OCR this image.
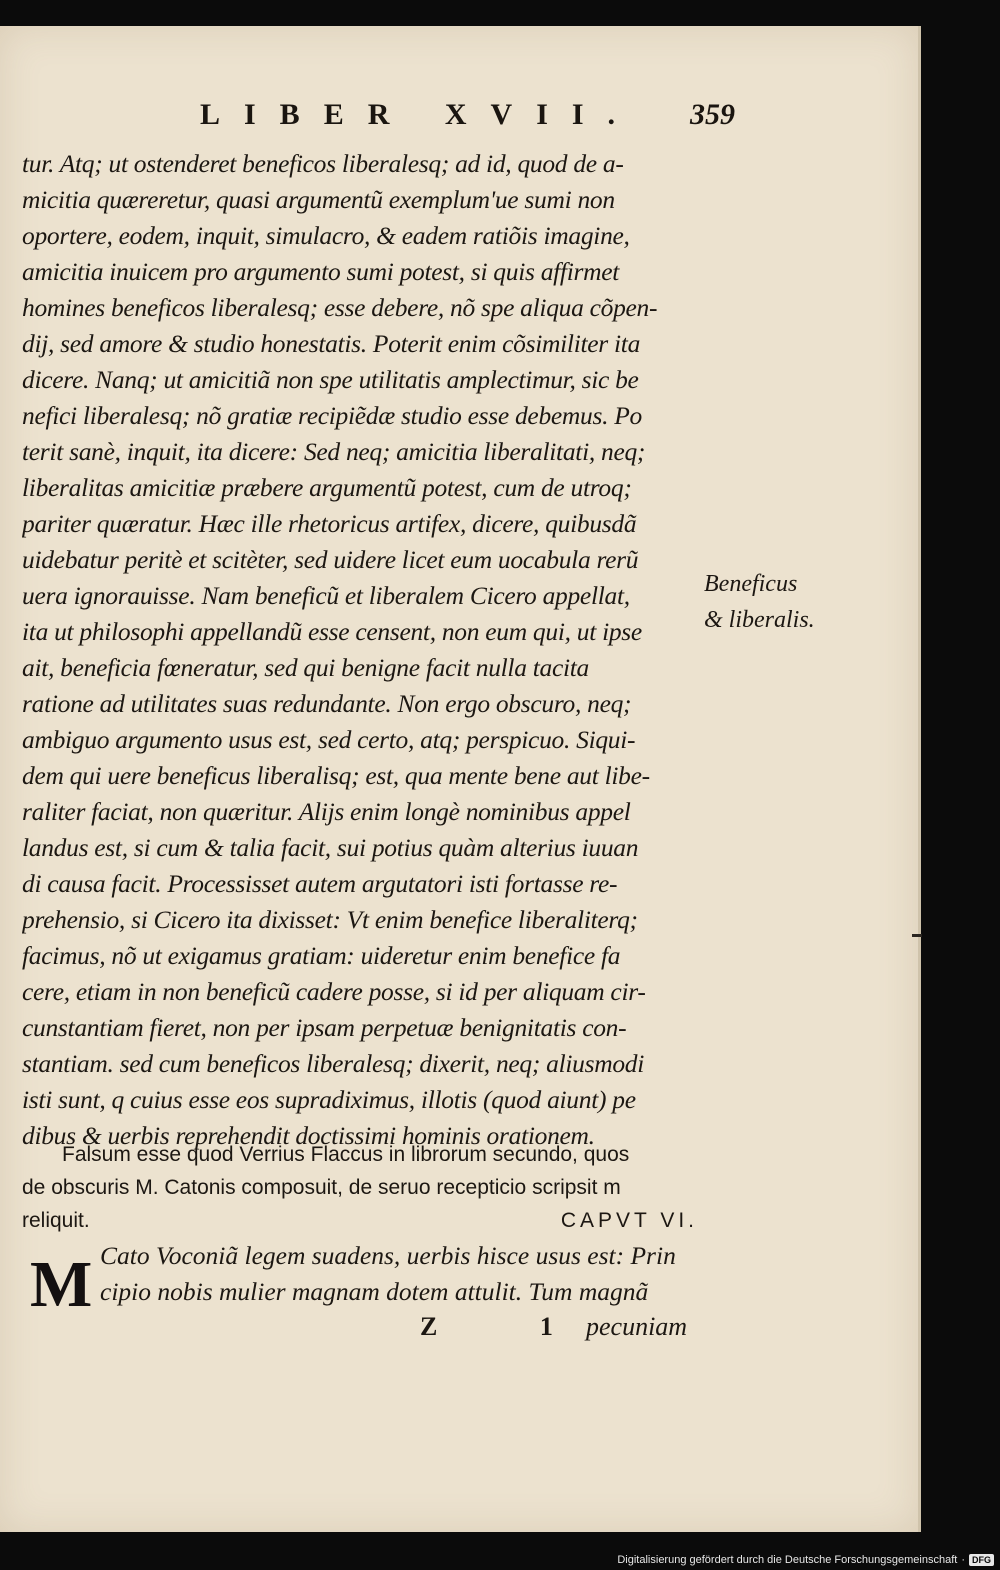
LIBER XVII. 359
tur. Atq; ut ostenderet beneficos liberalesq; ad id, quod de a-
micitia quæreretur, quasi argumentũ exemplum'ue sumi non
oportere, eodem, inquit, simulacro, & eadem ratiõis imagine,
amicitia inuicem pro argumento sumi potest, si quis affirmet
homines beneficos liberalesq; esse debere, nõ spe aliqua cõpen-
dij, sed amore & studio honestatis. Poterit enim cõsimiliter ita
dicere. Nanq; ut amicitiã non spe utilitatis amplectimur, sic be
nefici liberalesq; nõ gratiæ recipiẽdæ studio esse debemus. Po
terit sanè, inquit, ita dicere: Sed neq; amicitia liberalitati, neq;
liberalitas amicitiæ præbere argumentũ potest, cum de utroq;
pariter quæratur. Hæc ille rhetoricus artifex, dicere, quibusdã
uidebatur peritè et scitèter, sed uidere licet eum uocabula rerũ
uera ignorauisse. Nam beneficũ et liberalem Cicero appellat,
ita ut philosophi appellandũ esse censent, non eum qui, ut ipse
ait, beneficia fœneratur, sed qui benigne facit nulla tacita
ratione ad utilitates suas redundante. Non ergo obscuro, neq;
ambiguo argumento usus est, sed certo, atq; perspicuo. Siqui-
dem qui uere beneficus liberalisq; est, qua mente bene aut libe-
raliter faciat, non quæritur. Alijs enim longè nominibus appel
landus est, si cum & talia facit, sui potius quàm alterius iuuan
di causa facit. Processisset autem argutatori isti fortasse re-
prehensio, si Cicero ita dixisset: Vt enim benefice liberaliterq;
facimus, nõ ut exigamus gratiam: uideretur enim benefice fa
cere, etiam in non beneficũ cadere posse, si id per aliquam cir-
cunstantiam fieret, non per ipsam perpetuæ benignitatis con-
stantiam. sed cum beneficos liberalesq; dixerit, neq; aliusmodi
isti sunt, q cuius esse eos supradiximus, illotis (quod aiunt) pe
dibus & uerbis reprehendit doctissimi hominis orationem.
Beneficus
& liberalis.
Falsum esse quod Verrius Flaccus in librorum secundo, quos
de obscuris M. Catonis composuit, de seruo recepticio scripsit m
reliquit.	CAPVT VI.
M Cato Voconiã legem suadens, uerbis hisce usus est: Prin
cipio nobis mulier magnam dotem attulit. Tum magnã
Z 1
pecuniam
Digitalisierung gefördert durch die Deutsche Forschungsgemeinschaft · DFG
